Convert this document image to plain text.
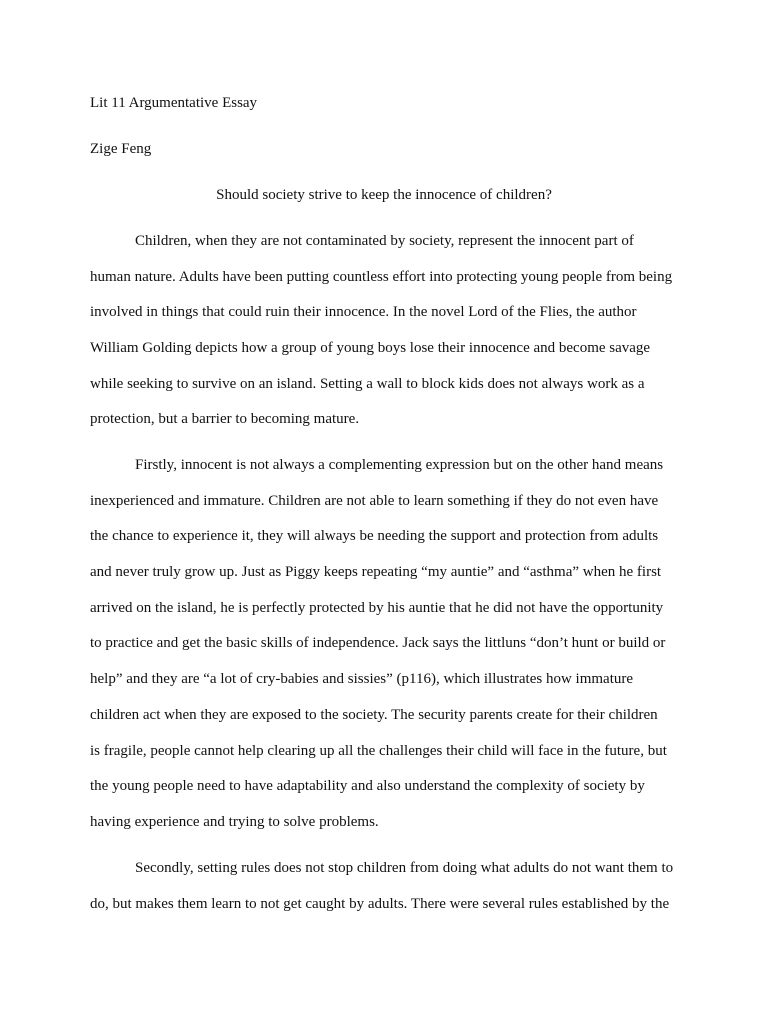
Lit 11 Argumentative Essay
Zige Feng
Should society strive to keep the innocence of children?
Children, when they are not contaminated by society, represent the innocent part of
human nature. Adults have been putting countless effort into protecting young people from being
involved in things that could ruin their innocence. In the novel Lord of the Flies, the author
William Golding depicts how a group of young boys lose their innocence and become savage
while seeking to survive on an island. Setting a wall to block kids does not always work as a
protection, but a barrier to becoming mature.
Firstly, innocent is not always a complementing expression but on the other hand means
inexperienced and immature. Children are not able to learn something if they do not even have
the chance to experience it, they will always be needing the support and protection from adults
and never truly grow up. Just as Piggy keeps repeating “my auntie” and “asthma” when he first
arrived on the island, he is perfectly protected by his auntie that he did not have the opportunity
to practice and get the basic skills of independence. Jack says the littluns “don’t hunt or build or
help” and they are “a lot of cry-babies and sissies” (p116), which illustrates how immature
children act when they are exposed to the society. The security parents create for their children
is fragile, people cannot help clearing up all the challenges their child will face in the future, but
the young people need to have adaptability and also understand the complexity of society by
having experience and trying to solve problems.
Secondly, setting rules does not stop children from doing what adults do not want them to
do, but makes them learn to not get caught by adults. There were several rules established by the
